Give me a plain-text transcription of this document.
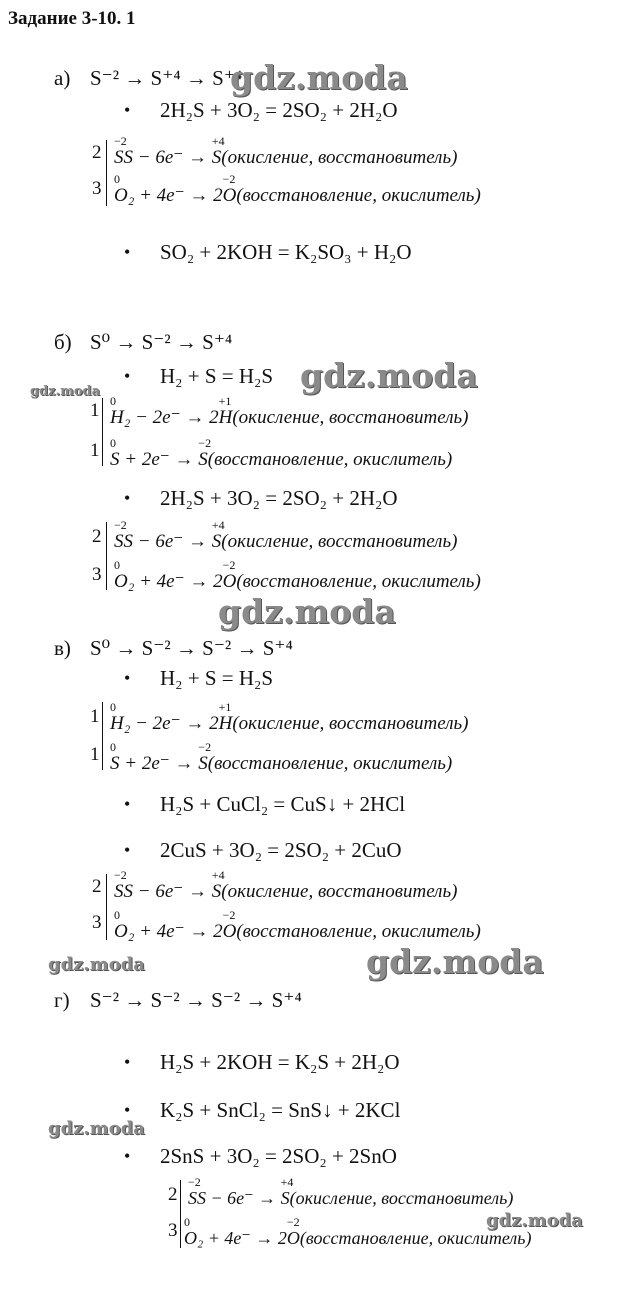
Задание 3-10. 1
а) S⁻² → S⁺⁴ → S⁺⁴
• 2H₂S + 3O₂ = 2SO₂ + 2H₂O
2
3
−2
SS − 6e⁻ →
+4
S(окисление, восстановитель)
0
O₂ + 4e⁻ → 2
−2
O(восстановление, окислитель)
• SO₂ + 2KOH = K₂SO₃ + H₂O
б) S⁰ → S⁻² → S⁺⁴
• H₂ + S = H₂S
1
1
0
H₂ − 2e⁻ → 2
+1
H(окисление, восстановитель)
0
S + 2e⁻ →
−2
S(восстановление, окислитель)
• 2H₂S + 3O₂ = 2SO₂ + 2H₂O
2
3
−2
SS − 6e⁻ →
+4
S(окисление, восстановитель)
0
O₂ + 4e⁻ → 2
−2
O(восстановление, окислитель)
в) S⁰ → S⁻² → S⁻² → S⁺⁴
• H₂ + S = H₂S
1
1
0
H₂ − 2e⁻ → 2
+1
H(окисление, восстановитель)
0
S + 2e⁻ →
−2
S(восстановление, окислитель)
• H₂S + CuCl₂ = CuS↓ + 2HCl
• 2CuS + 3O₂ = 2SO₂ + 2CuO
2
3
−2
SS − 6e⁻ →
+4
S(окисление, восстановитель)
0
O₂ + 4e⁻ → 2
−2
O(восстановление, окислитель)
г) S⁻² → S⁻² → S⁻² → S⁺⁴
• H₂S + 2KOH = K₂S + 2H₂O
• K₂S + SnCl₂ = SnS↓ + 2KCl
• 2SnS + 3O₂ = 2SO₂ + 2SnO
2
3
−2
SS − 6e⁻ →
+4
S(окисление, восстановитель)
0
O₂ + 4e⁻ → 2
−2
O(восстановление, окислитель)
gdz.moda
gdz.moda
gdz.moda
gdz.moda
gdz.moda	gdz.moda
gdz.moda
gdz.moda
